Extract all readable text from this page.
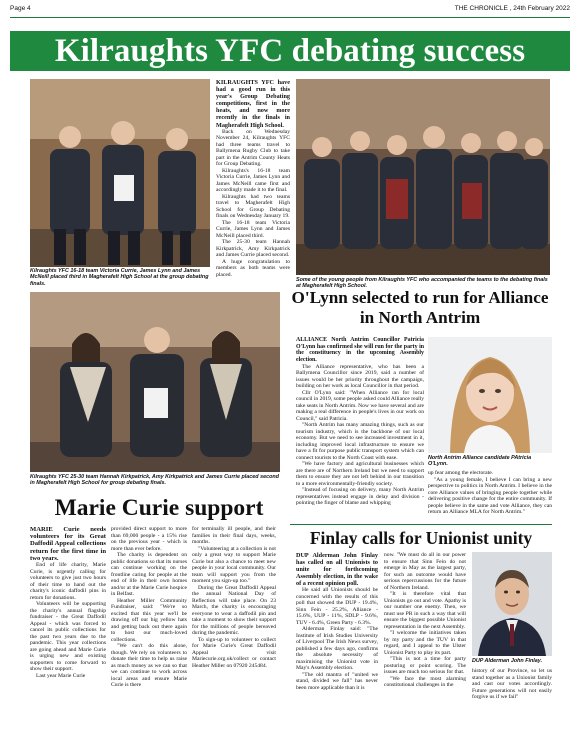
Page 4	THE CHRONICLE , 24th February 2022
Kilraughts YFC debating success
Kilraughts YFC 16-18 team Victoria Currie, James Lynn and James McNeill placed third in Magherafelt High School at the group debating finals.

KILRAUGHTS YFC have had a good run in this year's Group Debating competitions, first in the heats, and now more recently in the finals in Magherafelt High School.

Back on Wednesday November 24, Kilraughts YFC had three teams travel to Ballymena Rugby Club to take part in the Antrim County Heats for Group Debating.

Kilraughts's 16-18 team Victoria Currie, James Lynn and James McNeill came first and accordingly made it to the final.

Kilraughts had two teams travel to Magherafelt High School for Group Debating finals on Wednesday January 19.

The 16-18 team Victoria Currie, James Lynn and James McNeill placed third.

The 25-30 team Hannah Kirkpatrick, Amy Kirkpatrick and James Currie placed second.

A huge congratulation to members as both teams were placed.

Some of the young people from Kilraughts YFC who accompanied the teams to the debating finals at Magherafelt High School.
Kilraughts YFC 25-30 team Hannah Kirkpatrick, Amy Kirkpatrick and James Currie placed second in Magherafelt High School for group debating finals.
O'Lynn selected to run for Alliance in North Antrim

ALLIANCE North Antrim Councillor Patricia O'Lynn has confirmed she will run for the party in the constituency in the upcoming Assembly election.

The Alliance representative, who has been a Ballymena Councillor since 2019, said a number of issues would be her priority throughout the campaign, building on her work as local Councillor in that period.

Cllr O'Lynn said: "When Alliance ran for local council in 2019, some people asked could Alliance really take seats in North Antrim. Now we have several and are making a real difference in people's lives in our work on Council," said Patricia.

"North Antrim has many amazing things, such as our tourism industry, which is the backbone of our local economy. But we need to see increased investment in it, including improved local infrastructure to ensure we have a fit for purpose public transport system which can connect tourists to the North Coast with ease.

"We have factory and agricultural businesses which are there are of Northern Ireland but we need to support them to ensure they are not left behind in our transition to a more environmentally-friendly society.

"Instead of focusing on delivery, many North Antrim representatives instead engage in delay and division - pointing the finger of blame and whipping

North Antrim Alliance candidate PAtricia O'Lynn.

up fear among the electorate.

"As a young female, I believe I can bring a new perspective to politics in North Antrim. I believe in the core Alliance values of bringing people together while delivering positive change for the entire community. If people believe in the same and vote Alliance, they can return an Alliance MLA for North Antrim."

Marie Curie support

MARIE Curie needs volunteers for its Great Daffodil Appeal collections return for the first time in two years.

End of life charity, Marie Curie, is urgently calling for volunteers to give just two hours of their time to hand out the charity's iconic daffodil pins in return for donations.

Volunteers will be supporting the charity's annual flagship fundraiser - the Great Daffodil Appeal - which was forced to cancel its public collections for the past two years due to the pandemic. This year collections are going ahead and Marie Curie is urging new and existing supporters to come forward to show their support.

Last year Marie Curie

provided direct support to more than 69,000 people - a 15% rise on the previous year - which is more than ever before.

The charity is dependent on public donations so that its nurses can continue working on the frontline caring for people at the end of life in their own homes and/or at the Marie Curie hospice in Belfast.

Heather Miller Community Fundraiser, said: "We're so excited that this year we'll be drawing off our big yellow hats and getting back out there again to host our much-loved collections.

"We can't do this alone, though. We rely on volunteers to donate their time to help us raise as much money as we can so that we can continue to work across local areas and ensure Marie Curie is there

for terminally ill people, and their families in their final days, weeks, months.

"Volunteering at a collection is not only a great way to support Marie Curie but also a chance to meet new people in your local community. Our team will support you from the moment you sign-up too."

During the Great Daffodil Appeal the annual National Day of Reflection will take place. On 23 March, the charity is encouraging everyone to wear a daffodil pin and take a moment to show their support for the millions of people bereaved during the pandemic.

To sign-up to volunteer to collect for Marie Curie's Great Daffodil Appeal visit Mariecurie.org.uk/collect or contact Heather Miller on 07920 245484.

Finlay calls for Unionist unity

DUP Alderman John Finlay has called on all Unionists to unite for forthcoming Assembly election, in the wake of a recent opinion poll.

He said all Unionists should be concerned with the results of this poll that showed the DUP - 19.4%, Sinn Fein - 25.2%, Alliance - 15.6%, UUP - 11%, SDLP - 9.6%, TUV - 6.4%, Green Party - 6.3%.

Alderman Finlay said: "The Institute of Irish Studies University of Liverpool The Irish News survey, published a few days ago, confirms the absolute necessity of maximising the Unionist vote in May's Assembly election.

"The old mantra of "united we stand, divided we fall" has never been more applicable than it is

now. "We must do all in our power to ensure that Sinn Fein do not emerge in May as the largest party, for such an outcome would have serious repercussions for the future of Northern Ireland.

"It is therefore vital that Unionists go out and vote. Apathy is our number one enemy. Then, we must use PR in such a way that will ensure the biggest possible Unionist representation in the next Assembly.

"I welcome the initiatives taken by my party and the TUV in that regard, and I appeal to the Ulster Unionist Party to play its part.

"This is not a time for party posturing or point scoring. The issues are much too serious for that.

"We face the most alarming constitutional challenges in the

DUP Alderman John Finlay.

history of our Province, so let us stand together as a Unionist family and cast our votes accordingly. Future generations will not easily forgive us if we fail"
